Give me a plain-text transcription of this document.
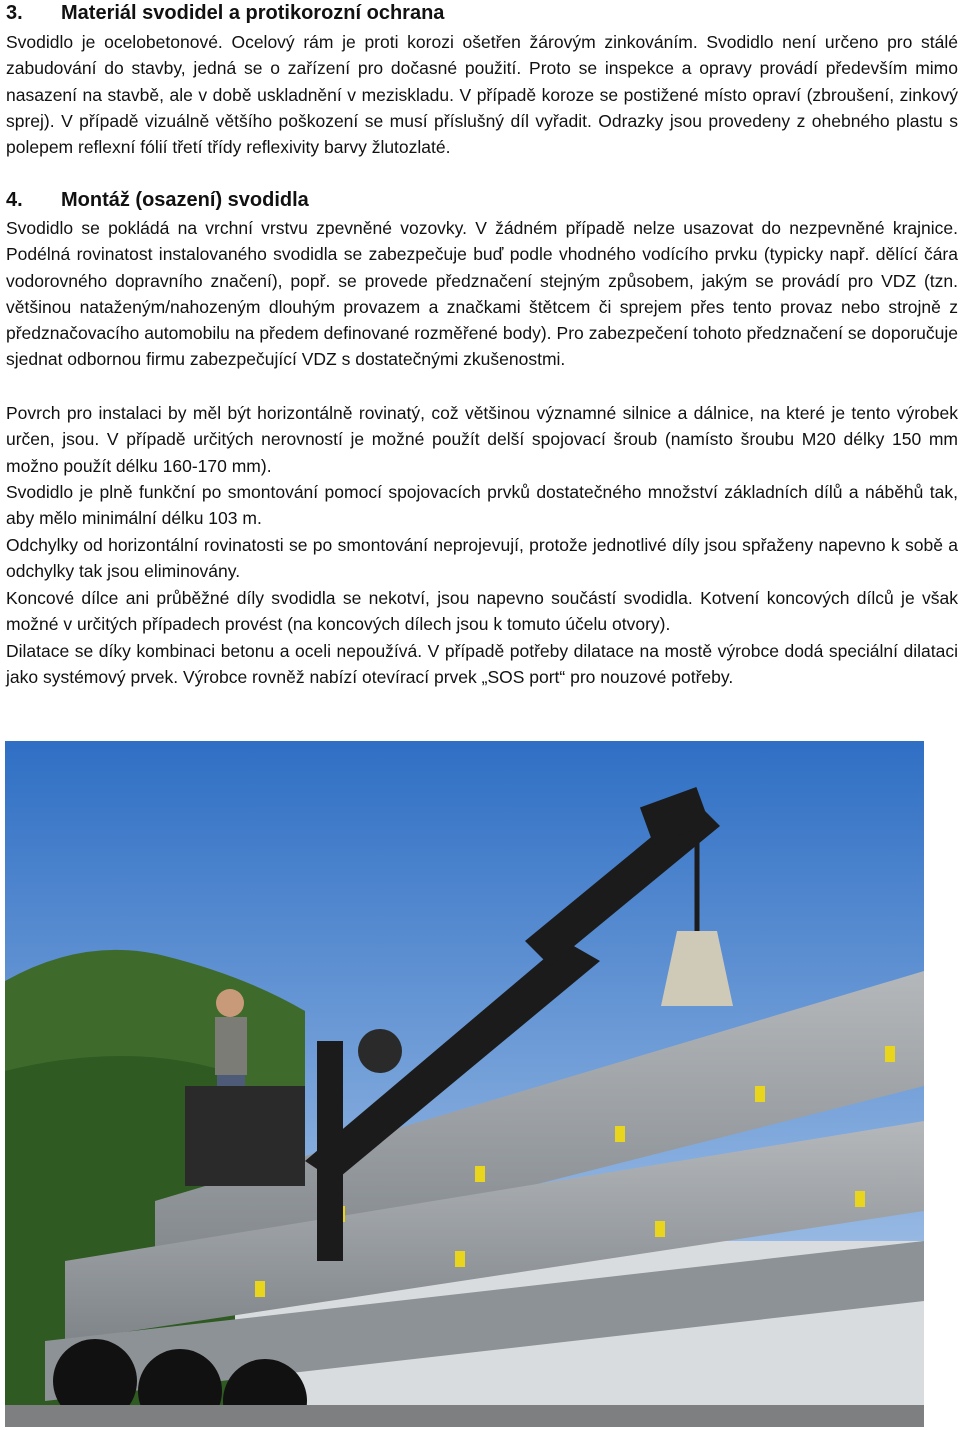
3. Materiál svodidel a protikorozní ochrana

Svodidlo je ocelobetonové. Ocelový rám je proti korozi ošetřen žárovým zinkováním. Svodidlo není určeno pro stálé zabudování do stavby, jedná se o zařízení pro dočasné použití. Proto se inspekce a opravy provádí především mimo nasazení na stavbě, ale v době uskladnění v meziskladu. V případě koroze se postižené místo opraví (zbroušení, zinkový sprej). V případě vizuálně většího poškození se musí příslušný díl vyřadit. Odrazky jsou provedeny z ohebného plastu s polepem reflexní fólií třetí třídy reflexivity barvy žlutozlaté.

4. Montáž (osazení) svodidla

Svodidlo se pokládá na vrchní vrstvu zpevněné vozovky. V žádném případě nelze usazovat do nezpevněné krajnice. Podélná rovinatost instalovaného svodidla se zabezpečuje buď podle vhodného vodícího prvku (typicky např. dělící čára vodorovného dopravního značení), popř. se provede předznačení stejným způsobem, jakým se provádí pro VDZ (tzn. většinou nataženým/nahozeným dlouhým provazem a značkami štětcem či sprejem přes tento provaz nebo strojně z předznačovacího automobilu na předem definované rozměřené body). Pro zabezpečení tohoto předznačení se doporučuje sjednat odbornou firmu zabezpečující VDZ s dostatečnými zkušenostmi.

Povrch pro instalaci by měl být horizontálně rovinatý, což většinou významné silnice a dálnice, na které je tento výrobek určen, jsou. V případě určitých nerovností je možné použít delší spojovací šroub (namísto šroubu M20 délky 150 mm možno použít délku 160-170 mm).

Svodidlo je plně funkční po smontování pomocí spojovacích prvků dostatečného množství základních dílů a náběhů tak, aby mělo minimální délku 103 m.

Odchylky od horizontální rovinatosti se po smontování neprojevují, protože jednotlivé díly jsou spřaženy napevno k sobě a odchylky tak jsou eliminovány.

Koncové dílce ani průběžné díly svodidla se nekotví, jsou napevno součástí svodidla. Kotvení koncových dílců je však možné v určitých případech provést (na koncových dílech jsou k tomuto účelu otvory).

Dilatace se díky kombinaci betonu a oceli nepoužívá. V případě potřeby dilatace na mostě výrobce dodá speciální dilataci jako systémový prvek. Výrobce rovněž nabízí otevírací prvek „SOS port“ pro nouzové potřeby.
